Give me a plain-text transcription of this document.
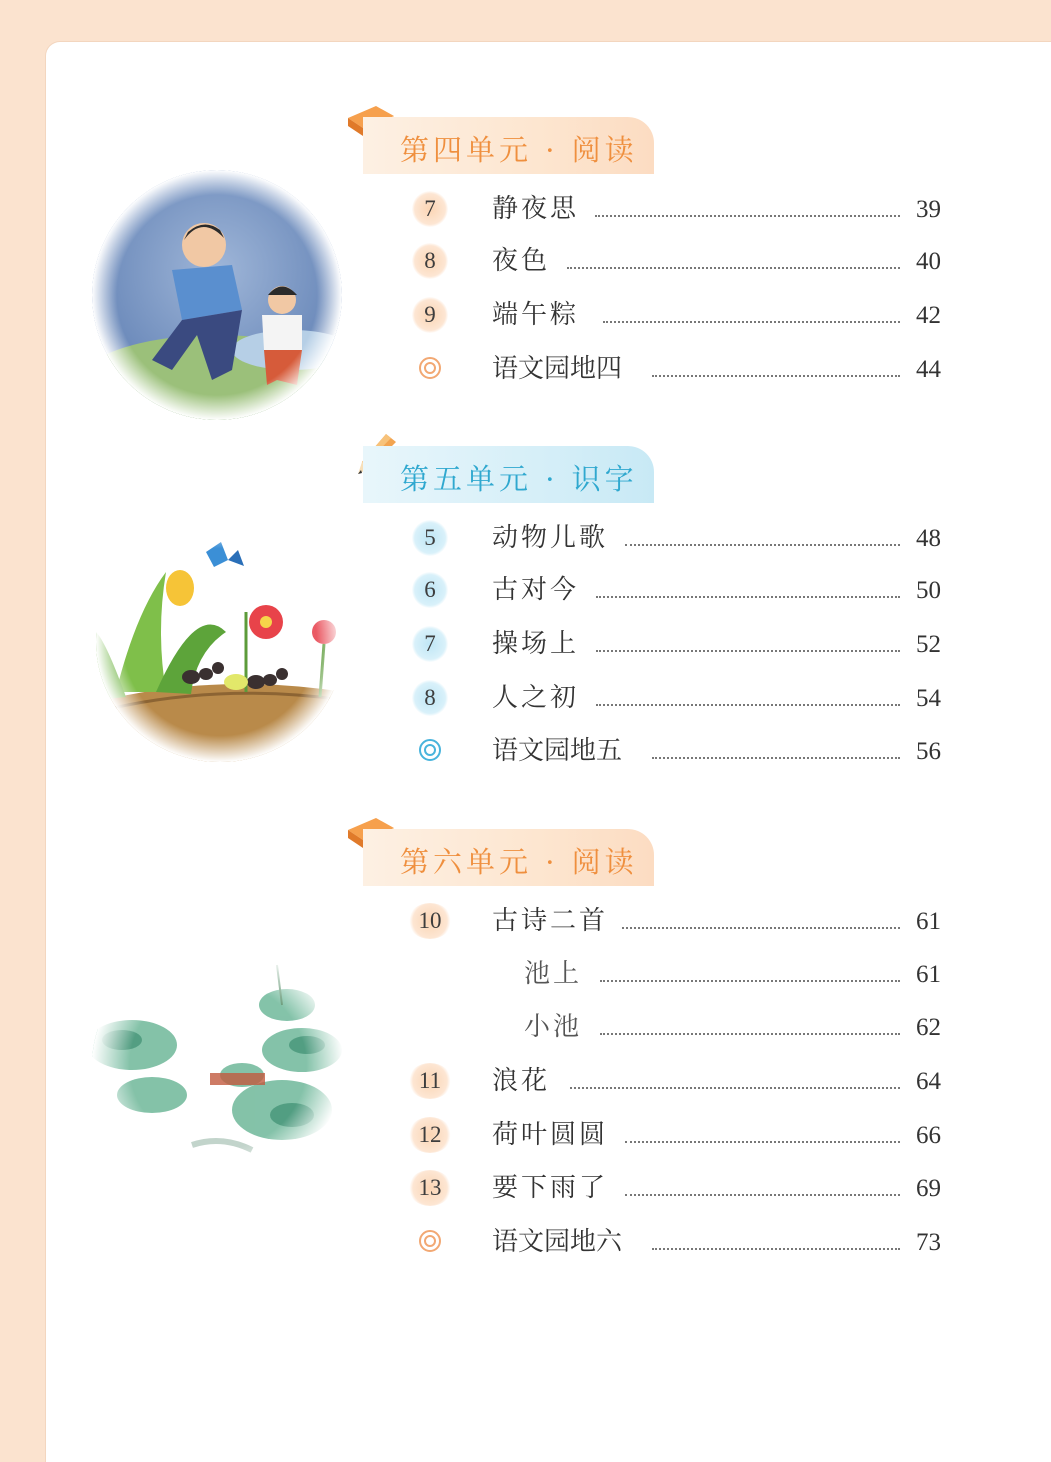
第四单元 · 阅读
7	静夜思	39
8	夜色	40
9	端午粽	42
语文园地四	44
第五单元 · 识字
5	动物儿歌	48
6	古对今	50
7	操场上	52
8	人之初	54
语文园地五	56
第六单元 · 阅读
10	古诗二首	61
池上	61
小池	62
11	浪花	64
12	荷叶圆圆	66
13	要下雨了	69
语文园地六	73
